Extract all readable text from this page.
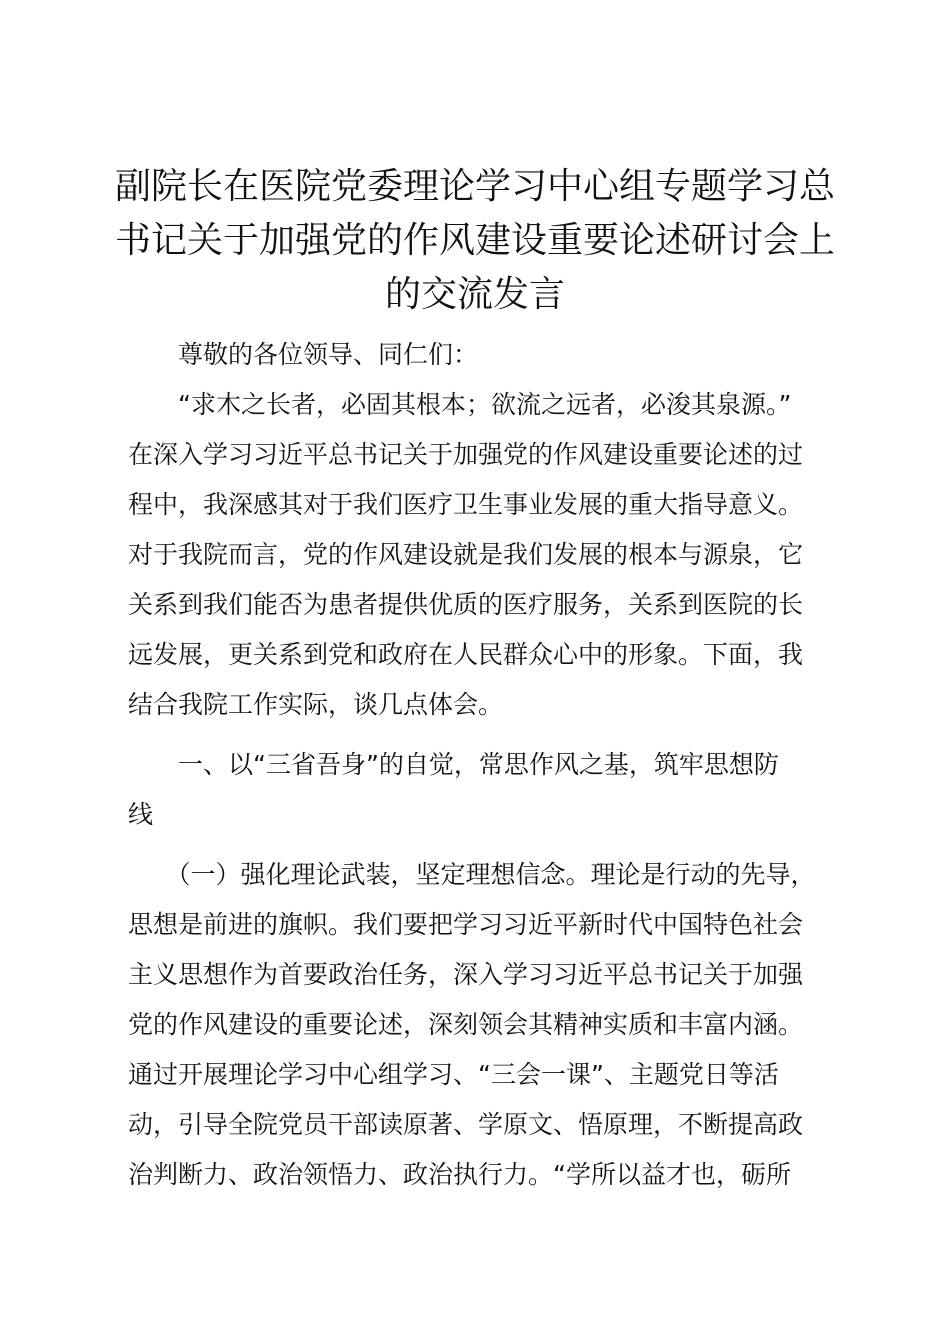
副院长在医院党委理论学习中心组专题学习总
书记关于加强党的作风建设重要论述研讨会上
的交流发言
　　尊敬的各位领导、同仁们：
　　“求木之长者，必固其根本；欲流之远者，必浚其泉源。”
在深入学习习近平总书记关于加强党的作风建设重要论述的过
程中，我深感其对于我们医疗卫生事业发展的重大指导意义。
对于我院而言，党的作风建设就是我们发展的根本与源泉，它
关系到我们能否为患者提供优质的医疗服务，关系到医院的长
远发展，更关系到党和政府在人民群众心中的形象。下面，我
结合我院工作实际，谈几点体会。
　　一、以“三省吾身”的自觉，常思作风之基，筑牢思想防
线
　　（一）强化理论武装，坚定理想信念。理论是行动的先导，
思想是前进的旗帜。我们要把学习习近平新时代中国特色社会
主义思想作为首要政治任务，深入学习习近平总书记关于加强
党的作风建设的重要论述，深刻领会其精神实质和丰富内涵。
通过开展理论学习中心组学习、“三会一课”、主题党日等活
动，引导全院党员干部读原著、学原文、悟原理，不断提高政
治判断力、政治领悟力、政治执行力。“学所以益才也，砺所
